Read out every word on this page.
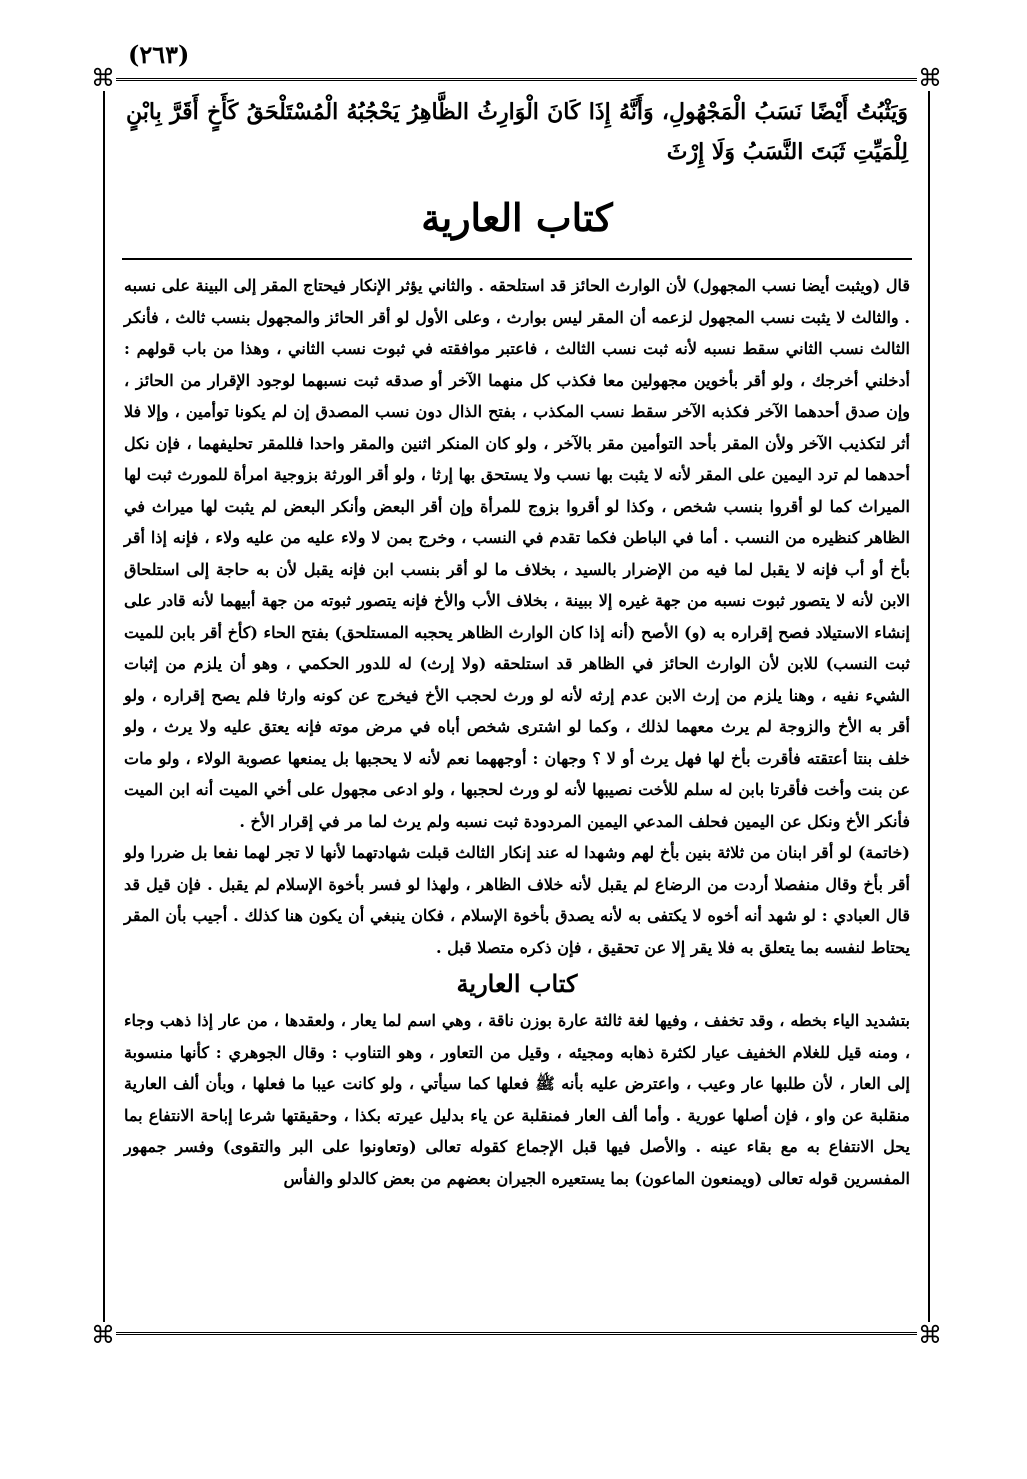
(٢٦٣)
⌘	⌘
⌘	⌘

وَيَثْبُتُ أَيْضًا نَسَبُ الْمَجْهُولِ، وَأَنَّهُ إِذَا كَانَ الْوَارِثُ الظَّاهِرُ يَحْجُبُهُ الْمُسْتَلْحَقُ كَأَخٍ أَقَرَّ بِابْنٍ لِلْمَيِّتِ ثَبَتَ النَّسَبُ وَلَا إِرْثَ

كتاب العارية

قال (ويثبت أيضا نسب المجهول) لأن الوارث الحائز قد استلحقه . والثاني يؤثر الإنكار فيحتاج المقر إلى البينة على نسبه . والثالث لا يثبت نسب المجهول لزعمه أن المقر ليس بوارث ، وعلى الأول لو أقر الحائز والمجهول بنسب ثالث ، فأنكر الثالث نسب الثاني سقط نسبه لأنه ثبت نسب الثالث ، فاعتبر موافقته في ثبوت نسب الثاني ، وهذا من باب قولهم : أدخلني أخرجك ، ولو أقر بأخوين مجهولين معا فكذب كل منهما الآخر أو صدقه ثبت نسبهما لوجود الإقرار من الحائز ، وإن صدق أحدهما الآخر فكذبه الآخر سقط نسب المكذب ، بفتح الذال دون نسب المصدق إن لم يكونا توأمين ، وإلا فلا أثر لتكذيب الآخر ولأن المقر بأحد التوأمين مقر بالآخر ، ولو كان المنكر اثنين والمقر واحدا فللمقر تحليفهما ، فإن نكل أحدهما لم ترد اليمين على المقر لأنه لا يثبت بها نسب ولا يستحق بها إرثا ، ولو أقر الورثة بزوجية امرأة للمورث ثبت لها الميراث كما لو أقروا بنسب شخص ، وكذا لو أقروا بزوج للمرأة وإن أقر البعض وأنكر البعض لم يثبت لها ميراث في الظاهر كنظيره من النسب . أما في الباطن فكما تقدم في النسب ، وخرج بمن لا ولاء عليه من عليه ولاء ، فإنه إذا أقر بأخ أو أب فإنه لا يقبل لما فيه من الإضرار بالسيد ، بخلاف ما لو أقر بنسب ابن فإنه يقبل لأن به حاجة إلى استلحاق الابن لأنه لا يتصور ثبوت نسبه من جهة غيره إلا ببينة ، بخلاف الأب والأخ فإنه يتصور ثبوته من جهة أبيهما لأنه قادر على إنشاء الاستيلاد فصح إقراره به (و) الأصح (أنه إذا كان الوارث الظاهر يحجبه المستلحق) بفتح الحاء (كأخ أقر بابن للميت ثبت النسب) للابن لأن الوارث الحائز في الظاهر قد استلحقه (ولا إرث) له للدور الحكمي ، وهو أن يلزم من إثبات الشيء نفيه ، وهنا يلزم من إرث الابن عدم إرثه لأنه لو ورث لحجب الأخ فيخرج عن كونه وارثا فلم يصح إقراره ، ولو أقر به الأخ والزوجة لم يرث معهما لذلك ، وكما لو اشترى شخص أباه في مرض موته فإنه يعتق عليه ولا يرث ، ولو خلف بنتا أعتقته فأقرت بأخ لها فهل يرث أو لا ؟ وجهان : أوجههما نعم لأنه لا يحجبها بل يمنعها عصوبة الولاء ، ولو مات عن بنت وأخت فأقرتا بابن له سلم للأخت نصيبها لأنه لو ورث لحجبها ، ولو ادعى مجهول على أخي الميت أنه ابن الميت فأنكر الأخ ونكل عن اليمين فحلف المدعي اليمين المردودة ثبت نسبه ولم يرث لما مر في إقرار الأخ .

(خاتمة) لو أقر ابنان من ثلاثة بنين بأخ لهم وشهدا له عند إنكار الثالث قبلت شهادتهما لأنها لا تجر لهما نفعا بل ضررا ولو أقر بأخ وقال منفصلا أردت من الرضاع لم يقبل لأنه خلاف الظاهر ، ولهذا لو فسر بأخوة الإسلام لم يقبل . فإن قيل قد قال العبادي : لو شهد أنه أخوه لا يكتفى به لأنه يصدق بأخوة الإسلام ، فكان ينبغي أن يكون هنا كذلك . أجيب بأن المقر يحتاط لنفسه بما يتعلق به فلا يقر إلا عن تحقيق ، فإن ذكره متصلا قبل .

كتاب العارية

بتشديد الياء بخطه ، وقد تخفف ، وفيها لغة ثالثة عارة بوزن ناقة ، وهي اسم لما يعار ، ولعقدها ، من عار إذا ذهب وجاء ، ومنه قيل للغلام الخفيف عيار لكثرة ذهابه ومجيئه ، وقيل من التعاور ، وهو التناوب : وقال الجوهري : كأنها منسوبة إلى العار ، لأن طلبها عار وعيب ، واعترض عليه بأنه ﷺ فعلها كما سيأتي ، ولو كانت عيبا ما فعلها ، وبأن ألف العارية منقلبة عن واو ، فإن أصلها عورية . وأما ألف العار فمنقلبة عن ياء بدليل عيرته بكذا ، وحقيقتها شرعا إباحة الانتفاع بما يحل الانتفاع به مع بقاء عينه . والأصل فيها قبل الإجماع كقوله تعالى (وتعاونوا على البر والتقوى) وفسر جمهور المفسرين قوله تعالى (ويمنعون الماعون) بما يستعيره الجيران بعضهم من بعض كالدلو والفأس
